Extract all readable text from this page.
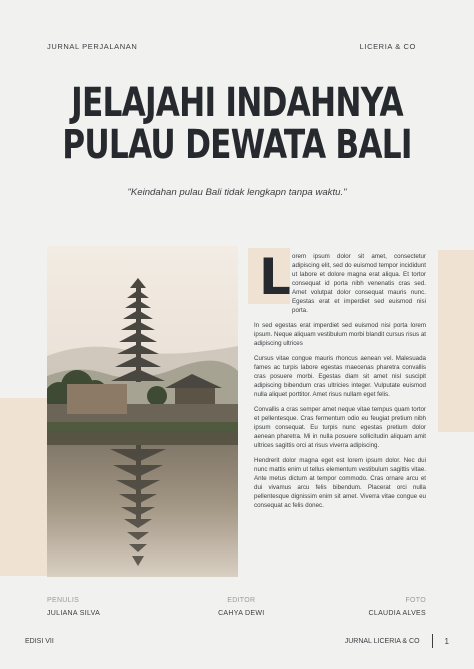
JURNAL PERJALANAN	LICERIA & CO
JELAJAHI INDAHNYA
PULAU DEWATA BALI
"Keindahan pulau Bali tidak lengkapn tanpa waktu."
L orem ipsum dolor sit amet, consectetur adipiscing elit, sed do euismod tempor incididunt ut labore et dolore magna erat aliqua. Et tortor consequat id porta nibh venenatis cras sed. Amet volutpat dolor consequat mauris nunc. Egestas erat et imperdiet sed euismod nisi porta.

In sed egestas erat imperdiet sed euismod nisi porta lorem ipsum. Neque aliquam vestibulum morbi blandit cursus risus at adipiscing ultrices

Cursus vitae congue mauris rhoncus aenean vel. Malesuada fames ac turpis labore egestas maecenas pharetra convallis cras posuere morbi. Egestas diam sit amet nisl suscipit adipiscing bibendum cras ultricies integer. Vulputate euismod nulla aliquet porttitor. Amet risus nullam eget felis.

Convallis a cras semper amet neque vitae tempus quam tortor et pellentesque. Cras fermentum odio eu feugiat pretium nibh ipsum consequat. Eu turpis nunc egestas pretium dolor aenean pharetra. Mi in nulla posuere sollicitudin aliquam amit ultrices sagittis orci at risus viverra adipiscing.

Hendrerit dolor magna eget est lorem ipsum dolor. Nec dui nunc mattis enim ut tellus elementum vestibulum sagittis vitae. Ante metus dictum at tempor commodo. Cras ornare arcu et dui vivamus arcu felis bibendum. Placerat orci nulla pellentesque dignissim enim sit amet. Viverra vitae congue eu consequat ac felis donec.

PENULIS
JULIANA SILVA
EDITOR
CAHYA DEWI
FOTO
CLAUDIA ALVES
EDISI VII	JURNAL LICERIA & CO	1
